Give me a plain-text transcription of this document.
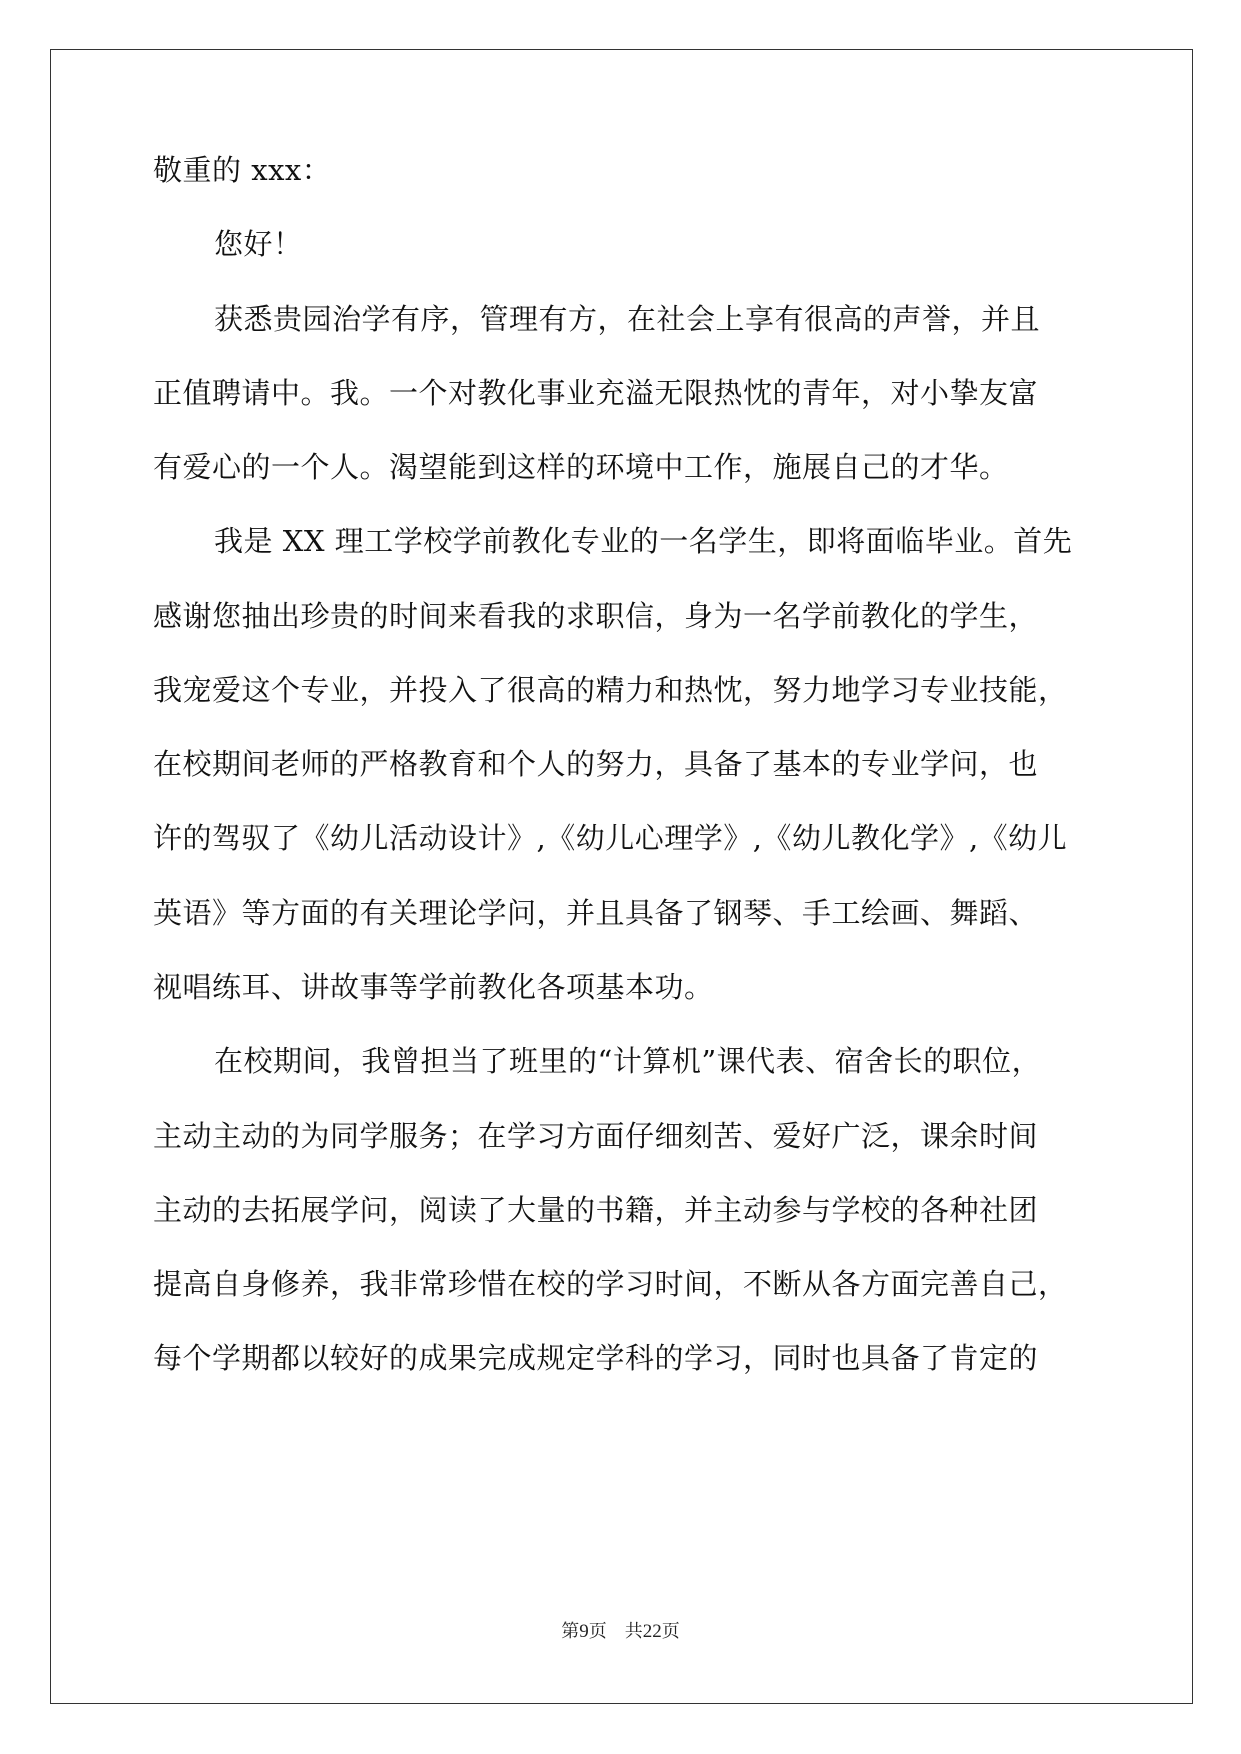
敬重的 xxx：
您好！
获悉贵园治学有序，管理有方，在社会上享有很高的声誉，并且
正值聘请中。我。一个对教化事业充溢无限热忱的青年，对小挚友富
有爱心的一个人。渴望能到这样的环境中工作，施展自己的才华。
我是 XX 理工学校学前教化专业的一名学生，即将面临毕业。首先
感谢您抽出珍贵的时间来看我的求职信，身为一名学前教化的学生，
我宠爱这个专业，并投入了很高的精力和热忱，努力地学习专业技能，
在校期间老师的严格教育和个人的努力，具备了基本的专业学问，也
许的驾驭了《幼儿活动设计》,《幼儿心理学》,《幼儿教化学》,《幼儿
英语》等方面的有关理论学问，并且具备了钢琴、手工绘画、舞蹈、
视唱练耳、讲故事等学前教化各项基本功。
在校期间，我曾担当了班里的“计算机”课代表、宿舍长的职位，
主动主动的为同学服务；在学习方面仔细刻苦、爱好广泛，课余时间
主动的去拓展学问，阅读了大量的书籍，并主动参与学校的各种社团
提高自身修养，我非常珍惜在校的学习时间，不断从各方面完善自己，
每个学期都以较好的成果完成规定学科的学习，同时也具备了肯定的
第9页 共22页
